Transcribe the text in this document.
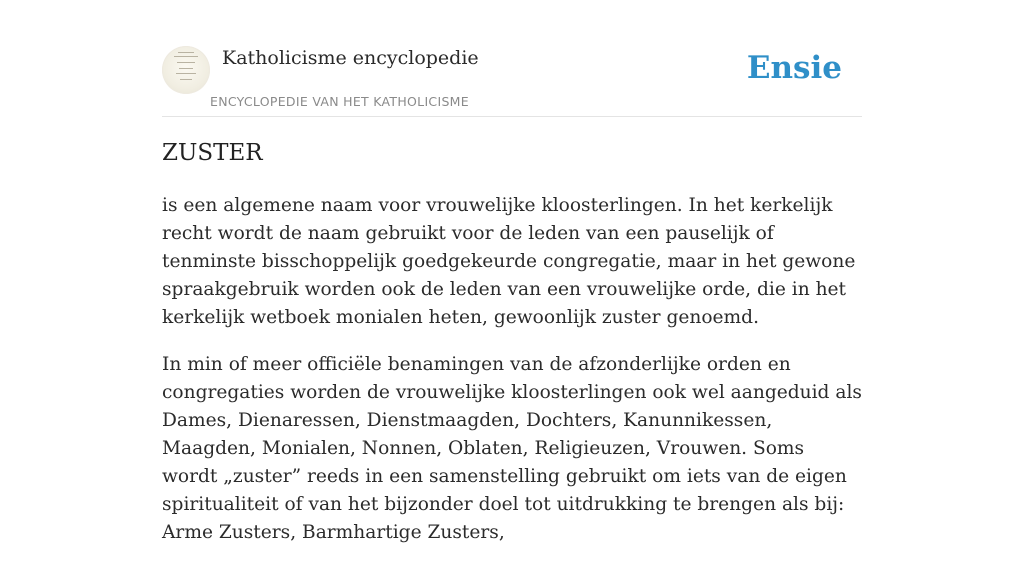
Katholicisme encyclopedie
ENCYCLOPEDIE VAN HET KATHOLICISME
Ensie
ZUSTER

is een algemene naam voor vrouwelijke kloosterlingen. In het kerkelijk recht wordt de naam gebruikt voor de leden van een pauselijk of tenminste bisschoppelijk goedgekeurde congregatie, maar in het gewone spraakgebruik worden ook de leden van een vrouwelijke orde, die in het kerkelijk wetboek monialen heten, gewoonlijk zuster genoemd.

In min of meer officiële benamingen van de afzonderlijke orden en congregaties worden de vrouwelijke kloosterlingen ook wel aangeduid als Dames, Dienaressen, Dienstmaagden, Dochters, Kanunnikessen, Maagden, Monialen, Nonnen, Oblaten, Religieuzen, Vrouwen. Soms wordt „zuster” reeds in een samenstelling gebruikt om iets van de eigen spiritualiteit of van het bijzonder doel tot uitdrukking te brengen als bij: Arme Zusters, Barmhartige Zusters,
